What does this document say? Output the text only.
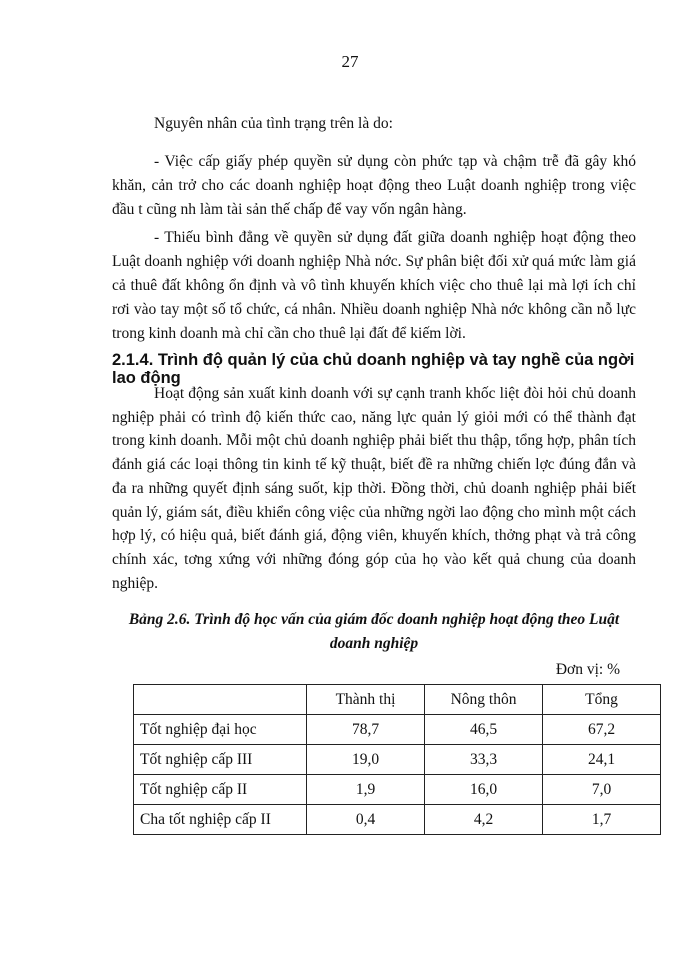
27

Nguyên nhân của tình trạng trên là do:

- Việc cấp giấy phép quyền sử dụng còn phức tạp và chậm trễ đã gây khó khăn, cản trở cho các doanh nghiệp hoạt động theo Luật doanh nghiệp trong việc đầu t cũng nh làm tài sản thế chấp để vay vốn ngân hàng.

- Thiếu bình đẳng về quyền sử dụng đất giữa doanh nghiệp hoạt động theo Luật doanh nghiệp với doanh nghiệp Nhà nớc. Sự phân biệt đối xử quá mức làm giá cả thuê đất không ổn định và vô tình khuyến khích việc cho thuê lại mà lợi ích chỉ rơi vào tay một số tổ chức, cá nhân. Nhiều doanh nghiệp Nhà nớc không cần nỗ lực trong kinh doanh mà chỉ cần cho thuê lại đất để kiếm lời.

2.1.4. Trình độ quản lý của chủ doanh nghiệp và tay nghề của ngời lao động

Hoạt động sản xuất kinh doanh với sự cạnh tranh khốc liệt đòi hỏi chủ doanh nghiệp phải có trình độ kiến thức cao, năng lực quản lý giỏi mới có thể thành đạt trong kinh doanh. Mỗi một chủ doanh nghiệp phải biết thu thập, tổng hợp, phân tích đánh giá các loại thông tin kinh tế kỹ thuật, biết đề ra những chiến lợc đúng đắn và đa ra những quyết định sáng suốt, kịp thời. Đồng thời, chủ doanh nghiệp phải biết quản lý, giám sát, điều khiển công việc của những ngời lao động cho mình một cách hợp lý, có hiệu quả, biết đánh giá, động viên, khuyến khích, thởng phạt và trả công chính xác, tơng xứng với những đóng góp của họ vào kết quả chung của doanh nghiệp.

Bảng 2.6. Trình độ học vấn của giám đốc doanh nghiệp hoạt động theo Luật doanh nghiệp
Đơn vị: %
	Thành thị	Nông thôn	Tổng
Tốt nghiệp đại học	78,7	46,5	67,2
Tốt nghiệp cấp III	19,0	33,3	24,1
Tốt nghiệp cấp II	1,9	16,0	7,0
Cha tốt nghiệp cấp II	0,4	4,2	1,7
